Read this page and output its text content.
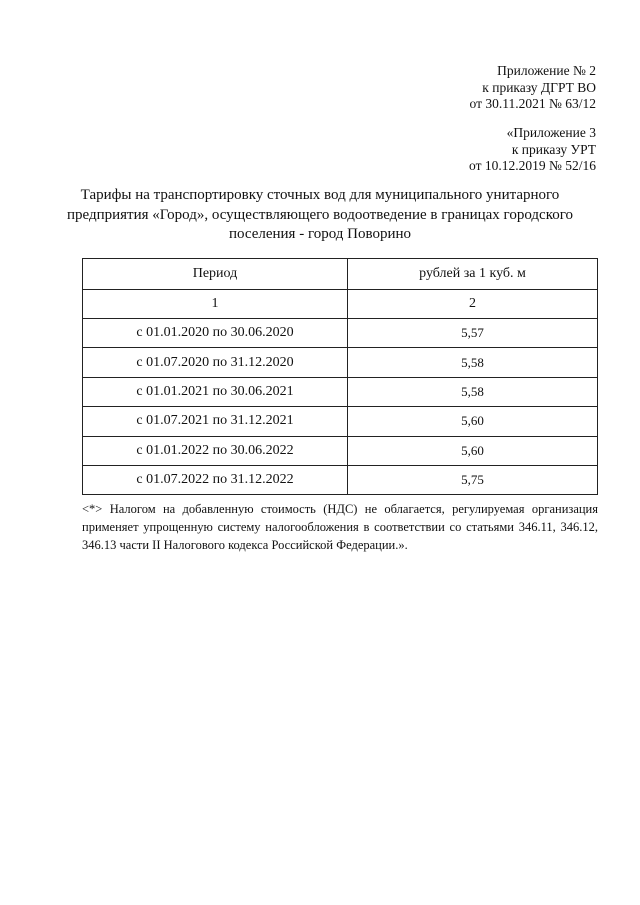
Приложение № 2
к приказу ДГРТ ВО
от 30.11.2021 № 63/12
«Приложение 3
к приказу УРТ
от 10.12.2019 № 52/16
Тарифы на транспортировку сточных вод для муниципального унитарного
предприятия «Город», осуществляющего водоотведение в границах городского
поселения - город Поворино
Период	рублей за 1 куб. м
1	2
с 01.01.2020 по 30.06.2020	5,57
с 01.07.2020 по 31.12.2020	5,58
с 01.01.2021 по 30.06.2021	5,58
с 01.07.2021 по 31.12.2021	5,60
с 01.01.2022 по 30.06.2022	5,60
с 01.07.2022 по 31.12.2022	5,75
<*> Налогом на добавленную стоимость (НДС) не облагается, регулируемая организация применяет упрощенную систему налогообложения в соответствии со статьями 346.11, 346.12, 346.13 части II Налогового кодекса Российской Федерации.».
